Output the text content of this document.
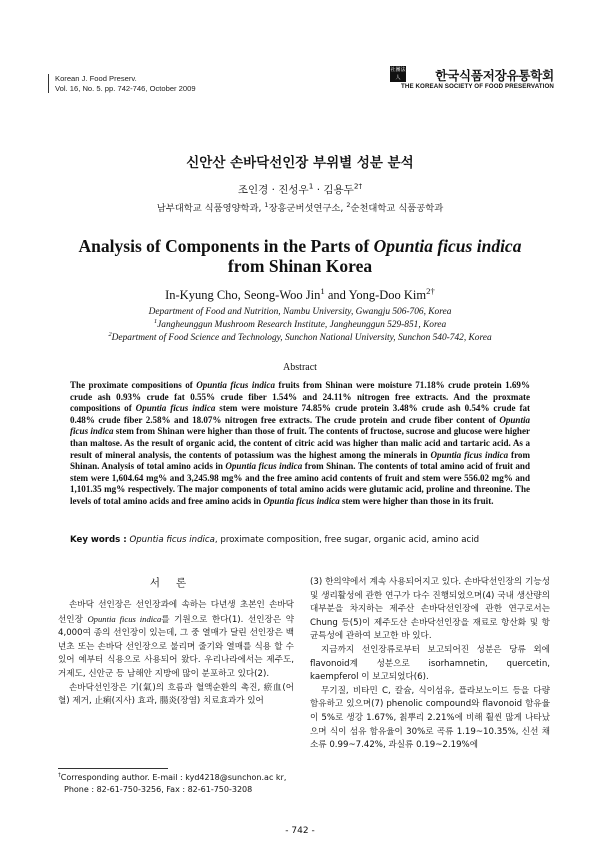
Korean J. Food Preserv.
Vol. 16, No. 5. pp. 742-746, October 2009
社團法人	한국식품저장유통학회
THE KOREAN SOCIETY OF FOOD PRESERVATION
신안산 손바닥선인장 부위별 성분 분석
조인경 · 진성우$^1$ · 김용두$^{2\dagger}$
남부대학교 식품영양학과, $^1$장흥군버섯연구소, $^2$순천대학교 식품공학과
Analysis of Components in the Parts of Opuntia ficus indica
from Shinan Korea
In-Kyung Cho, Seong-Woo Jin$^1$ and Yong-Doo Kim$^{2\dagger}$
Department of Food and Nutrition, Nambu University, Gwangju 506-706, Korea
$^1$Jangheunggun Mushroom Research Institute, Jangheunggun 529-851, Korea
$^2$Department of Food Science and Technology, Sunchon National University, Sunchon 540-742, Korea
Abstract
The proximate compositions of Opuntia ficus indica fruits from Shinan were moisture 71.18% crude protein 1.69% crude ash 0.93% crude fat 0.55% crude fiber 1.54% and 24.11% nitrogen free extracts. And the proxmate compositions of Opuntia ficus indica stem were moisture 74.85% crude protein 3.48% crude ash 0.54% crude fat 0.48% crude fiber 2.58% and 18.07% nitrogen free extracts. The crude protein and crude fiber content of Opuntia ficus indica stem from Shinan were higher than those of fruit. The contents of fructose, sucrose and glucose were higher than maltose. As the result of organic acid, the content of citric acid was higher than malic acid and tartaric acid. As a result of mineral analysis, the contents of potassium was the highest among the minerals in Opuntia ficus indica from Shinan. Analysis of total amino acids in Opuntia ficus indica from Shinan. The contents of total amino acid of fruit and stem were 1,604.64 mg% and 3,245.98 mg% and the free amino acid contents of fruit and stem were 556.02 mg% and 1,101.35 mg% respectively. The major components of total amino acids were glutamic acid, proline and threonine. The levels of total amino acids and free amino acids in Opuntia ficus indica stem were higher than those in its fruit.
Key words : Opuntia ficus indica, proximate composition, free sugar, organic acid, amino acid
서론

손바닥 선인장은 선인장과에 속하는 다년생 초본인 손바닥 선인장 Opuntia ficus indica를 기원으로 한다(1). 선인장은 약 4,000여 종의 선인장이 있는데, 그 중 열매가 달린 선인장은 백년초 또는 손바닥 선인장으로 불리며 줄기와 열매를 식용 할 수 있어 예부터 식용으로 사용되어 왔다. 우리나라에서는 제주도, 거제도, 신안군 등 남해안 지방에 많이 분포하고 있다(2).

손바닥선인장은 기(氣)의 흐름과 혈액순환의 촉진, 瘀血(어혈) 제거, 止痢(지사) 효과, 腸炎(장염) 치료효과가 있어

†Corresponding author. E-mail : kyd4218@sunchon.ac kr,
Phone : 82-61-750-3256, Fax : 82-61-750-3208

(3) 한의약에서 계속 사용되어지고 있다. 손바닥선인장의 기능성 및 생리활성에 관한 연구가 다수 진행되었으며(4) 국내 생산량의 대부분을 차지하는 제주산 손바닥선인장에 관한 연구로서는 Chung 등(5)이 제주도산 손바닥선인장을 재료로 항산화 및 항균특성에 관하여 보고한 바 있다.

지금까지 선인장류로부터 보고되어진 성분은 당류 외에 flavonoid계 성분으로 isorhamnetin, quercetin, kaempferol 이 보고되었다(6).

무기질, 비타민 C, 칼슘, 식이섬유, 플라보노이드 등을 다량 함유하고 있으며(7) phenolic compound와 flavonoid 함유율이 5%로 생강 1.67%, 칡뿌리 2.21%에 비해 훨씬 많게 나타났으며 식이 섬유 함유율이 30%로 곡류 1.19~10.35%, 신선 채소류 0.99~7.42%, 과실류 0.19~2.19%에

- 742 -
